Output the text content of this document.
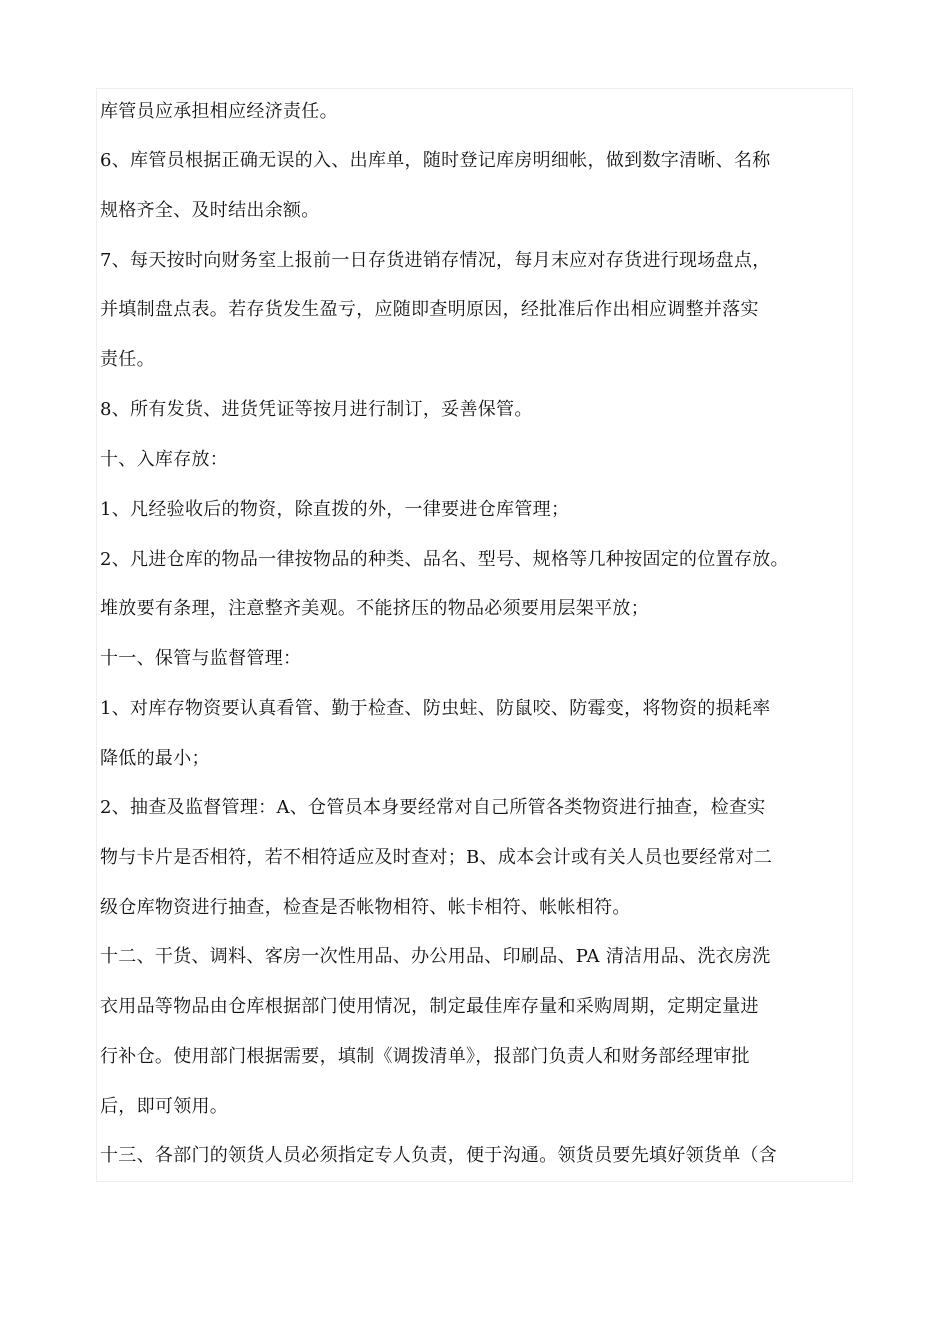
库管员应承担相应经济责任。
6、库管员根据正确无误的入、出库单，随时登记库房明细帐，做到数字清晰、名称
规格齐全、及时结出余额。
7、每天按时向财务室上报前一日存货进销存情况，每月末应对存货进行现场盘点，
并填制盘点表。若存货发生盈亏，应随即查明原因，经批准后作出相应调整并落实
责任。
8、所有发货、进货凭证等按月进行制订，妥善保管。
十、入库存放：
1、凡经验收后的物资，除直拨的外，一律要进仓库管理；
2、凡进仓库的物品一律按物品的种类、品名、型号、规格等几种按固定的位置存放。
堆放要有条理，注意整齐美观。不能挤压的物品必须要用层架平放；
十一、保管与监督管理：
1、对库存物资要认真看管、勤于检查、防虫蛀、防鼠咬、防霉变，将物资的损耗率
降低的最小；
2、抽查及监督管理：A、仓管员本身要经常对自己所管各类物资进行抽查，检查实
物与卡片是否相符，若不相符适应及时查对；B、成本会计或有关人员也要经常对二
级仓库物资进行抽查，检查是否帐物相符、帐卡相符、帐帐相符。
十二、干货、调料、客房一次性用品、办公用品、印刷品、PA 清洁用品、洗衣房洗
衣用品等物品由仓库根据部门使用情况，制定最佳库存量和采购周期，定期定量进
行补仓。使用部门根据需要，填制《调拨清单》，报部门负责人和财务部经理审批
后，即可领用。
十三、各部门的领货人员必须指定专人负责，便于沟通。领货员要先填好领货单（含
